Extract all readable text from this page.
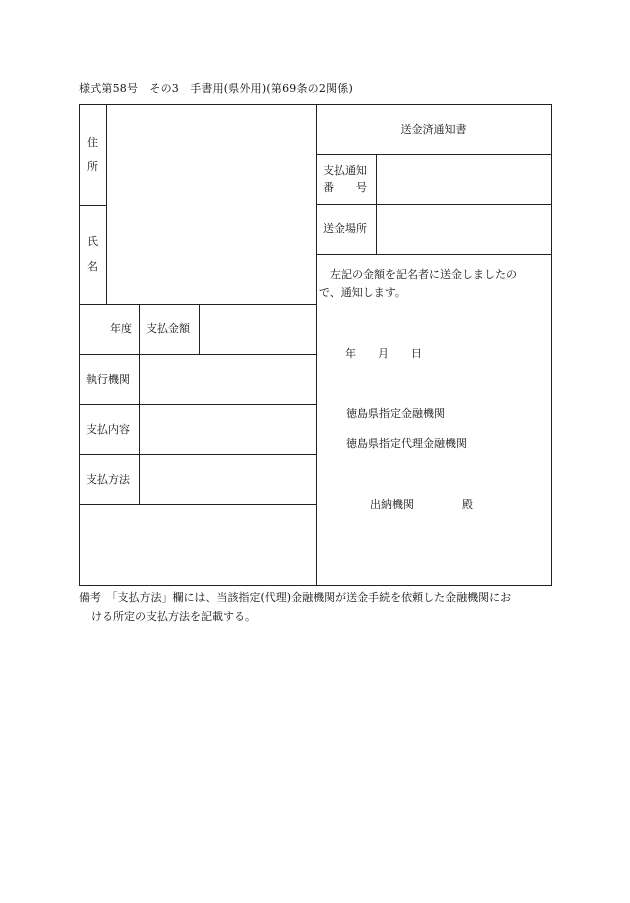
様式第58号　その3　手書用(県外用)(第69条の2関係)
住
所
氏
名
年度 支払金額
執行機関
支払内容
支払方法
送金済通知書
支払通知
番　　号
送金場所
　左記の金額を記名者に送金しましたの
で、通知します。
年　　月　　日
徳島県指定金融機関
徳島県指定代理金融機関
出納機関	殿
備考　「支払方法」欄には、当該指定(代理)金融機関が送金手続を依頼した金融機関にお
ける所定の支払方法を記載する。
